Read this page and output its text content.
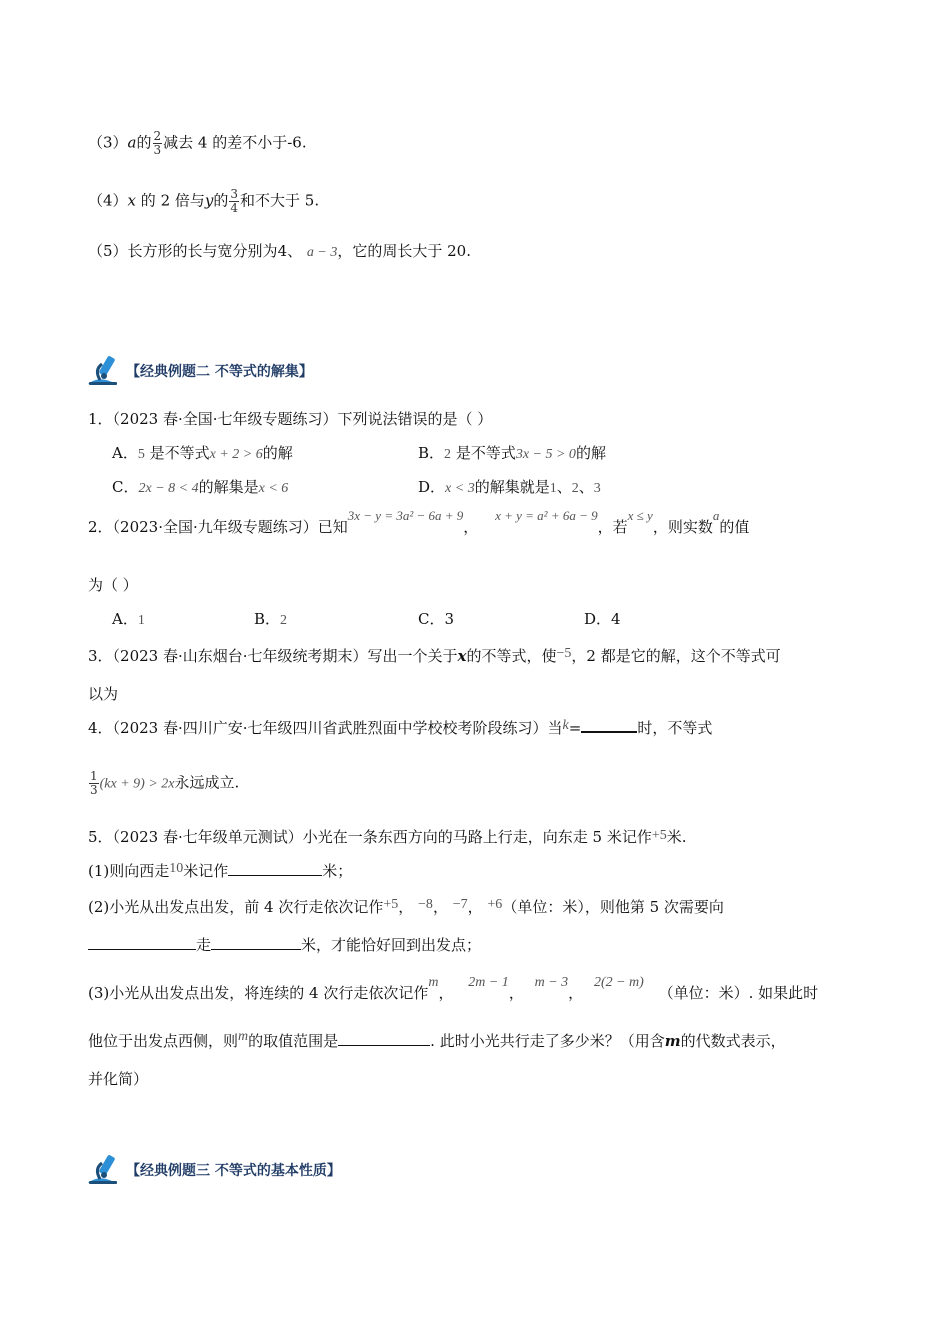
（3）a的 $\frac{2}{3}$ 减去 4 的差不小于-6.
（4）x 的 2 倍与y的 $\frac{3}{4}$ 和不大于 5.
（5）长方形的长与宽分别为4、 a − 3，它的周长大于 20.
【经典例题二 不等式的解集】
1．（2023 春·全国·七年级专题练习）下列说法错误的是（ ）
A．5 是不等式x + 2 > 6的解	B．2 是不等式3x − 5 > 0的解
C．2x − 8 < 4的解集是x < 6	D．x < 3的解集就是1、2、3
2．（2023·全国·九年级专题练习）已知3x − y = 3a² − 6a + 9， x + y = a² + 6a − 9，若x ≤ y，则实数a的值
为（ ）
A．1	B．2	C．3	D．4
3．（2023 春·山东烟台·七年级统考期末）写出一个关于x的不等式，使−5，2 都是它的解，这个不等式可
以为
4．（2023 春·四川广安·七年级四川省武胜烈面中学校校考阶段练习）当k=	时，不等式
$\frac{1}{3} (kx + 9) > 2x$永远成立.
5．（2023 春·七年级单元测试）小光在一条东西方向的马路上行走，向东走 5 米记作+5米.
(1)则向西走10米记作	米；
(2)小光从出发点出发，前 4 次行走依次记作+5， −8， −7， +6（单位：米），则他第 5 次需要向
走	米，才能恰好回到出发点；
(3)小光从出发点出发，将连续的 4 次行走依次记作m， 2m − 1， m − 3， 2(2 − m) （单位：米）. 如果此时
他位于出发点西侧，则m的取值范围是	. 此时小光共行走了多少米？（用含m的代数式表示，
并化简）
【经典例题三 不等式的基本性质】
